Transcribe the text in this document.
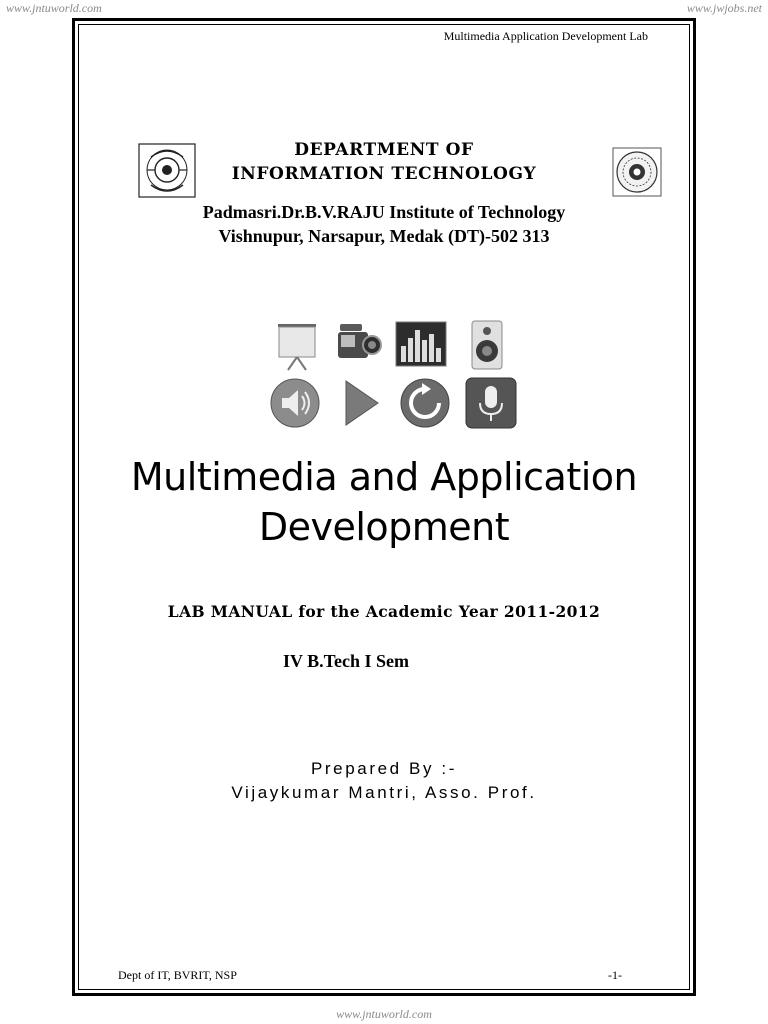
www.jntuworld.com	www.jwjobs.net
Multimedia Application Development Lab
DEPARTMENT OF
INFORMATION TECHNOLOGY
Padmasri.Dr.B.V.RAJU Institute of Technology
Vishnupur, Narsapur, Medak (DT)-502 313
Multimedia and Application
Development
LAB MANUAL for the Academic Year 2011-2012
IV B.Tech I Sem
Prepared By :-
Vijaykumar Mantri, Asso. Prof.
Dept of IT, BVRIT, NSP	-1-
www.jntuworld.com
